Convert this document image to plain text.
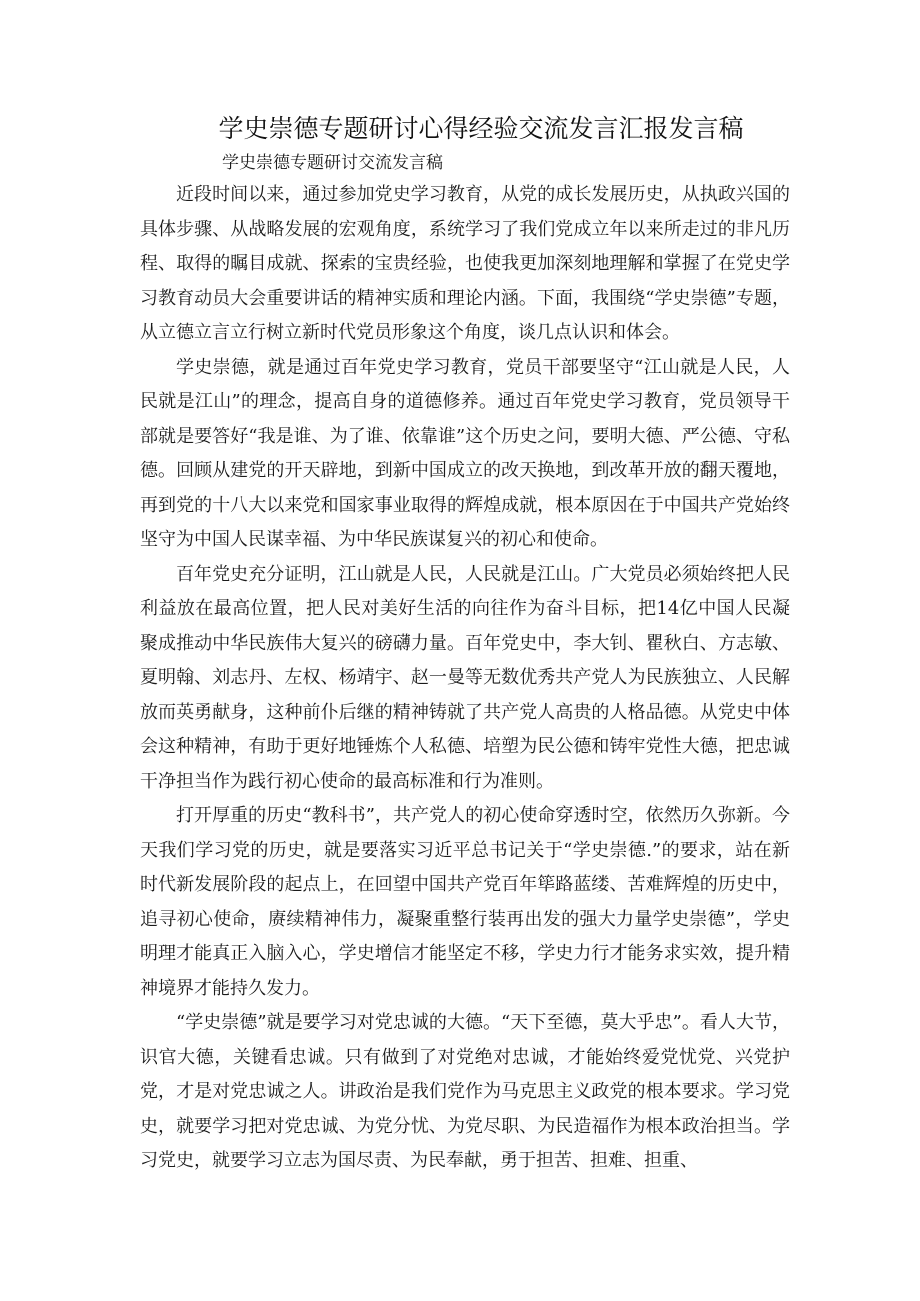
学史崇德专题研讨心得经验交流发言汇报发言稿
学史崇德专题研讨交流发言稿

近段时间以来，通过参加党史学习教育，从党的成长发展历史，从执政兴国的具体步骤、从战略发展的宏观角度，系统学习了我们党成立年以来所走过的非凡历程、取得的瞩目成就、探索的宝贵经验，也使我更加深刻地理解和掌握了在党史学习教育动员大会重要讲话的精神实质和理论内涵。下面，我围绕“学史崇德”专题，从立德立言立行树立新时代党员形象这个角度，谈几点认识和体会。

学史崇德，就是通过百年党史学习教育，党员干部要坚守“江山就是人民，人民就是江山”的理念，提高自身的道德修养。通过百年党史学习教育，党员领导干部就是要答好“我是谁、为了谁、依靠谁”这个历史之问，要明大德、严公德、守私德。回顾从建党的开天辟地，到新中国成立的改天换地，到改革开放的翻天覆地，再到党的十八大以来党和国家事业取得的辉煌成就，根本原因在于中国共产党始终坚守为中国人民谋幸福、为中华民族谋复兴的初心和使命。

百年党史充分证明，江山就是人民，人民就是江山。广大党员必须始终把人民利益放在最高位置，把人民对美好生活的向往作为奋斗目标，把14亿中国人民凝聚成推动中华民族伟大复兴的磅礴力量。百年党史中，李大钊、瞿秋白、方志敏、夏明翰、刘志丹、左权、杨靖宇、赵一曼等无数优秀共产党人为民族独立、人民解放而英勇献身，这种前仆后继的精神铸就了共产党人高贵的人格品德。从党史中体会这种精神，有助于更好地锤炼个人私德、培塑为民公德和铸牢党性大德，把忠诚干净担当作为践行初心使命的最高标准和行为准则。

打开厚重的历史“教科书”，共产党人的初心使命穿透时空，依然历久弥新。今天我们学习党的历史，就是要落实习近平总书记关于“学史崇德.”的要求，站在新时代新发展阶段的起点上，在回望中国共产党百年筚路蓝缕、苦难辉煌的历史中，追寻初心使命，赓续精神伟力，凝聚重整行装再出发的强大力量学史崇德”，学史明理才能真正入脑入心，学史增信才能坚定不移，学史力行才能务求实效，提升精神境界才能持久发力。

“学史崇德”就是要学习对党忠诚的大德。“天下至德，莫大乎忠”。看人大节，识官大德，关键看忠诚。只有做到了对党绝对忠诚，才能始终爱党忧党、兴党护党，才是对党忠诚之人。讲政治是我们党作为马克思主义政党的根本要求。学习党史，就要学习把对党忠诚、为党分忧、为党尽职、为民造福作为根本政治担当。学习党史，就要学习立志为国尽责、为民奉献，勇于担苦、担难、担重、
